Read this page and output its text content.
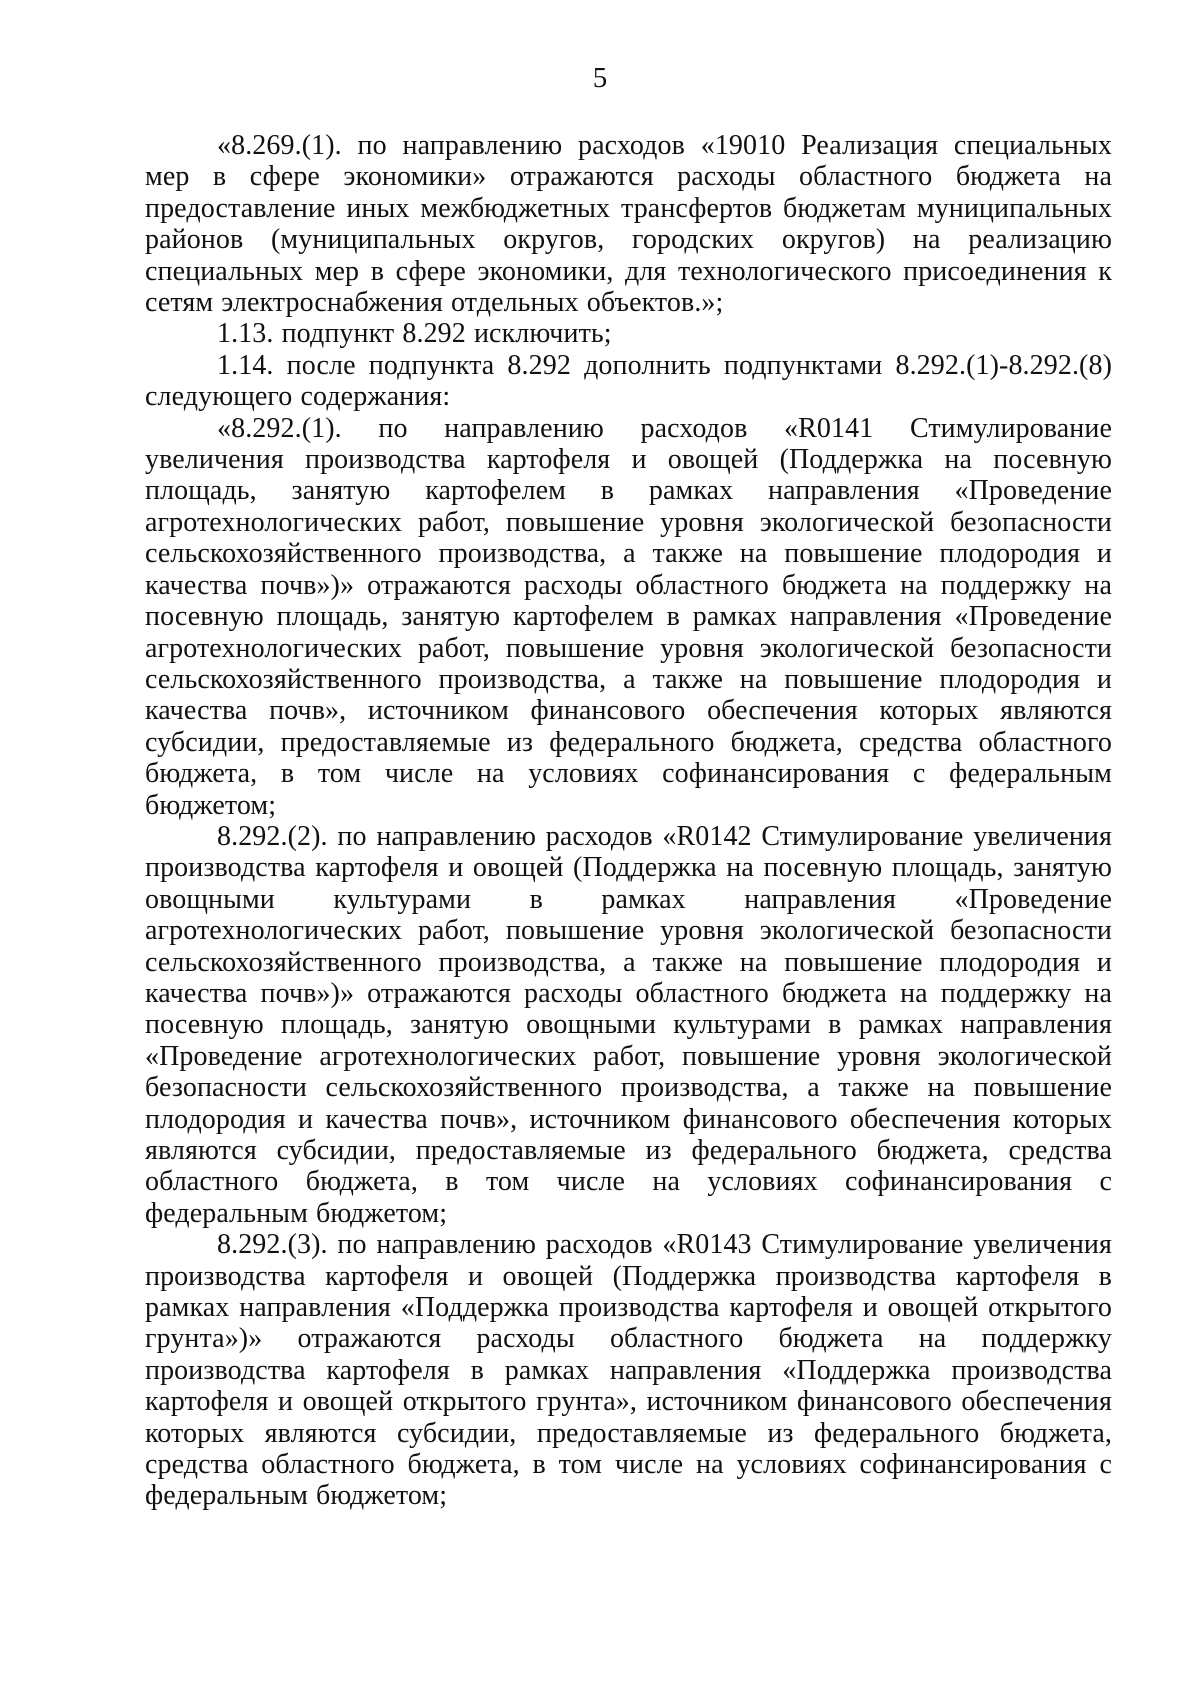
5

«8.269.(1). по направлению расходов «19010 Реализация специальных мер в сфере экономики» отражаются расходы областного бюджета на предоставление иных межбюджетных трансфертов бюджетам муниципальных районов (муниципальных округов, городских округов) на реализацию специальных мер в сфере экономики, для технологического присоединения к сетям электроснабжения отдельных объектов.»;

1.13. подпункт 8.292 исключить;

1.14. после подпункта 8.292 дополнить подпунктами 8.292.(1)-8.292.(8) следующего содержания:

«8.292.(1). по направлению расходов «R0141 Стимулирование увеличения производства картофеля и овощей (Поддержка на посевную площадь, занятую картофелем в рамках направления «Проведение агротехнологических работ, повышение уровня экологической безопасности сельскохозяйственного производства, а также на повышение плодородия и качества почв»)» отражаются расходы областного бюджета на поддержку на посевную площадь, занятую картофелем в рамках направления «Проведение агротехнологических работ, повышение уровня экологической безопасности сельскохозяйственного производства, а также на повышение плодородия и качества почв», источником финансового обеспечения которых являются субсидии, предоставляемые из федерального бюджета, средства областного бюджета, в том числе на условиях софинансирования с федеральным бюджетом;

8.292.(2). по направлению расходов «R0142 Стимулирование увеличения производства картофеля и овощей (Поддержка на посевную площадь, занятую овощными культурами в рамках направления «Проведение агротехнологических работ, повышение уровня экологической безопасности сельскохозяйственного производства, а также на повышение плодородия и качества почв»)» отражаются расходы областного бюджета на поддержку на посевную площадь, занятую овощными культурами в рамках направления «Проведение агротехнологических работ, повышение уровня экологической безопасности сельскохозяйственного производства, а также на повышение плодородия и качества почв», источником финансового обеспечения которых являются субсидии, предоставляемые из федерального бюджета, средства областного бюджета, в том числе на условиях софинансирования с федеральным бюджетом;

8.292.(3). по направлению расходов «R0143 Стимулирование увеличения производства картофеля и овощей (Поддержка производства картофеля в рамках направления «Поддержка производства картофеля и овощей открытого грунта»)» отражаются расходы областного бюджета на поддержку производства картофеля в рамках направления «Поддержка производства картофеля и овощей открытого грунта», источником финансового обеспечения которых являются субсидии, предоставляемые из федерального бюджета, средства областного бюджета, в том числе на условиях софинансирования с федеральным бюджетом;
